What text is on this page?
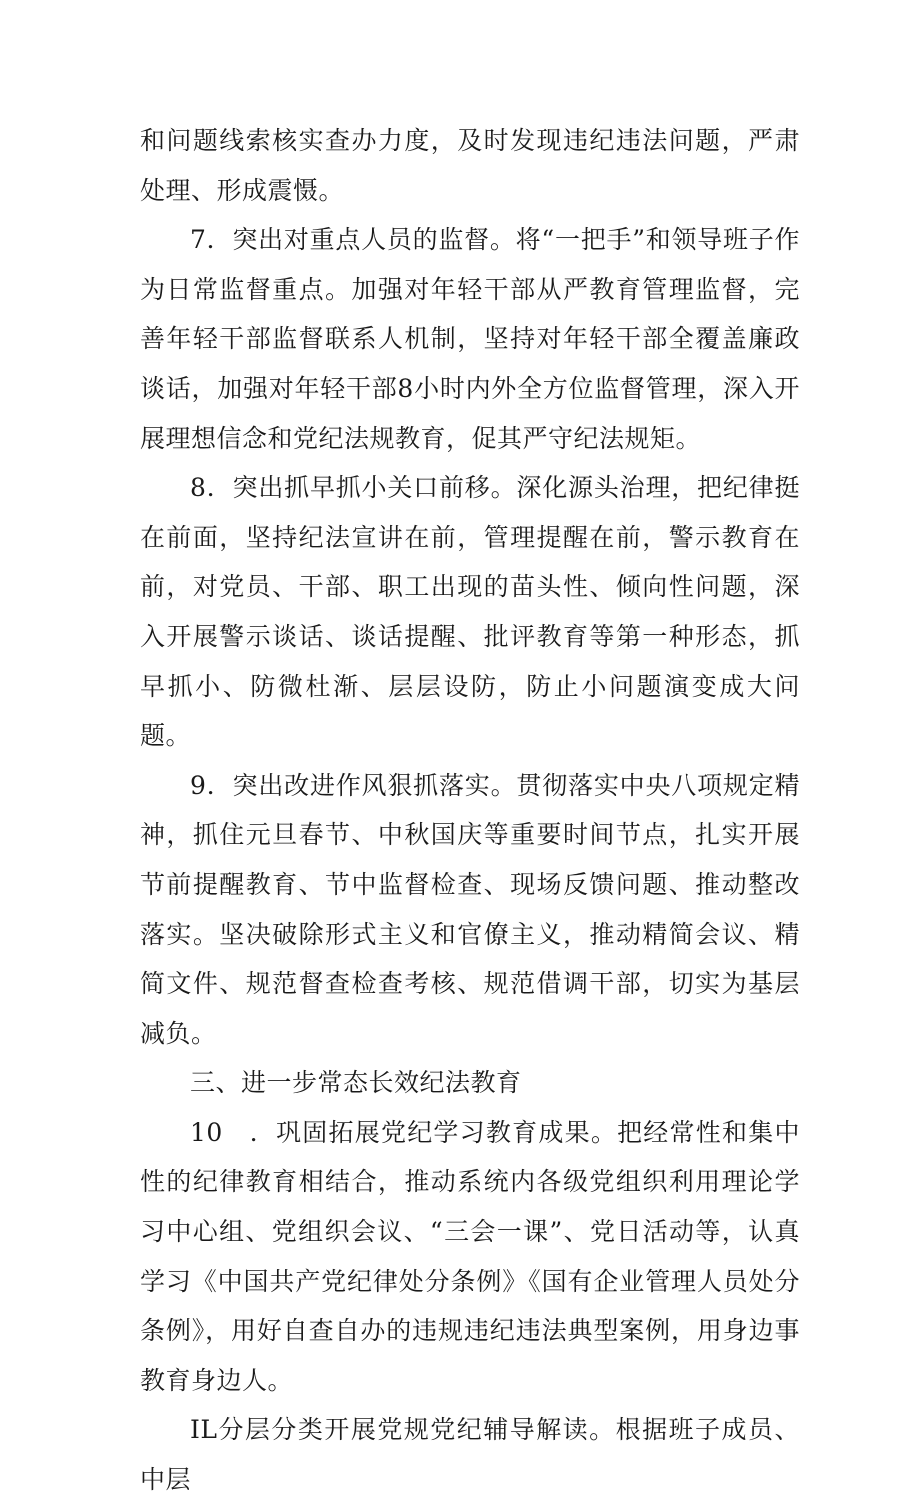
和问题线索核实查办力度，及时发现违纪违法问题，严肃处理、形成震慑。

7．突出对重点人员的监督。将“一把手”和领导班子作为日常监督重点。加强对年轻干部从严教育管理监督，完善年轻干部监督联系人机制，坚持对年轻干部全覆盖廉政谈话，加强对年轻干部8小时内外全方位监督管理，深入开展理想信念和党纪法规教育，促其严守纪法规矩。

8．突出抓早抓小关口前移。深化源头治理，把纪律挺在前面，坚持纪法宣讲在前，管理提醒在前，警示教育在前，对党员、干部、职工出现的苗头性、倾向性问题，深入开展警示谈话、谈话提醒、批评教育等第一种形态，抓早抓小、防微杜渐、层层设防，防止小问题演变成大问题。

9．突出改进作风狠抓落实。贯彻落实中央八项规定精神，抓住元旦春节、中秋国庆等重要时间节点，扎实开展节前提醒教育、节中监督检查、现场反馈问题、推动整改落实。坚决破除形式主义和官僚主义，推动精简会议、精简文件、规范督查检查考核、规范借调干部，切实为基层减负。

三、进一步常态长效纪法教育

10　．巩固拓展党纪学习教育成果。把经常性和集中性的纪律教育相结合，推动系统内各级党组织利用理论学习中心组、党组织会议、“三会一课”、党日活动等，认真学习《中国共产党纪律处分条例》《国有企业管理人员处分条例》，用好自查自办的违规违纪违法典型案例，用身边事教育身边人。

IL分层分类开展党规党纪辅导解读。根据班子成员、中层
